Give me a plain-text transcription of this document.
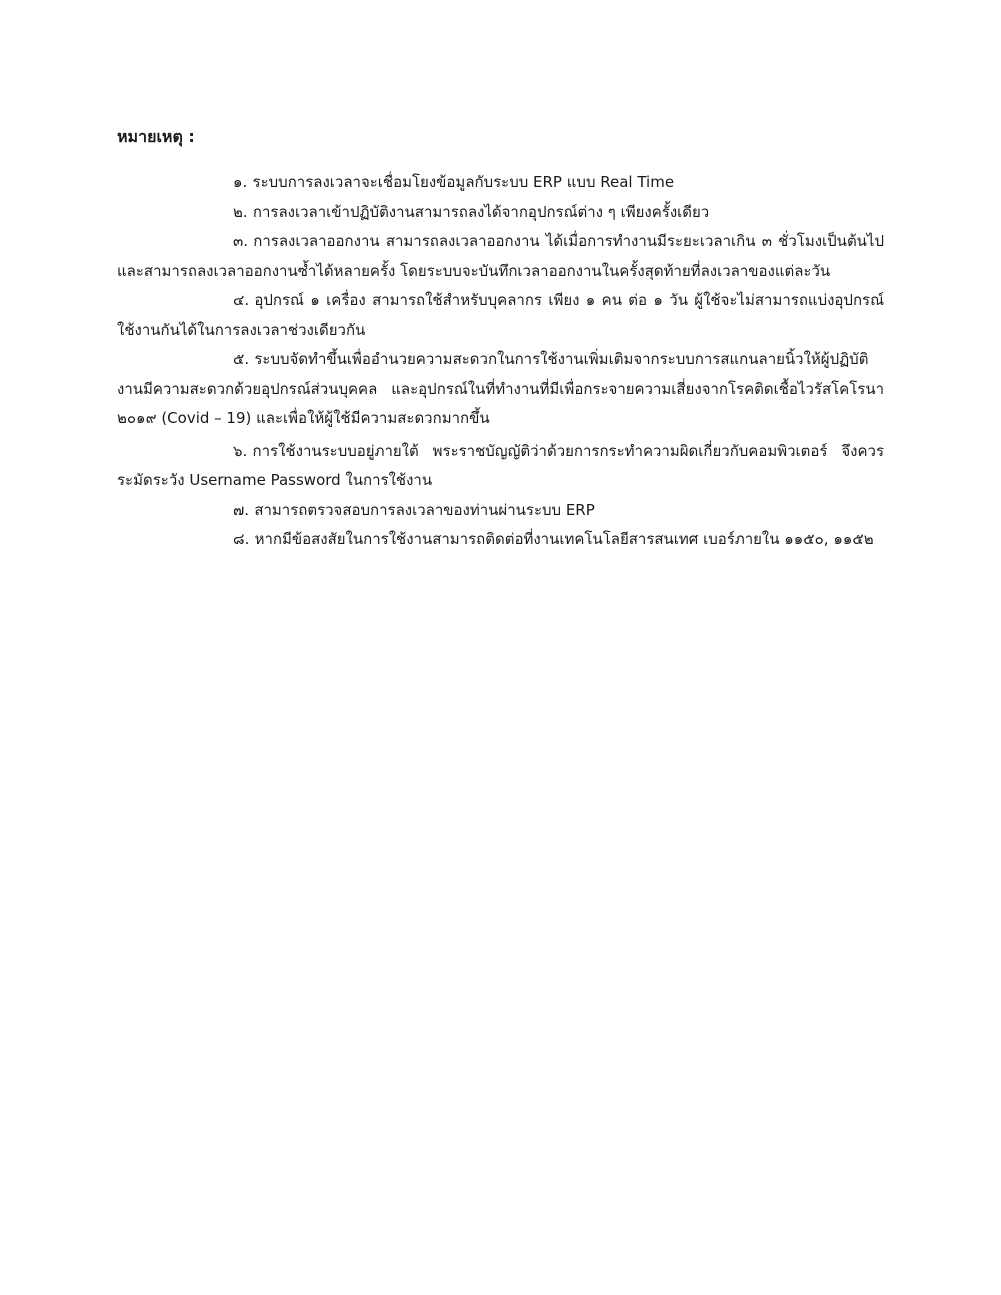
หมายเหตุ :
๑. ระบบการลงเวลาจะเชื่อมโยงข้อมูลกับระบบ ERP แบบ Real Time
๒. การลงเวลาเข้าปฏิบัติงานสามารถลงได้จากอุปกรณ์ต่าง ๆ เพียงครั้งเดียว
๓. การลงเวลาออกงาน สามารถลงเวลาออกงาน ได้เมื่อการทำงานมีระยะเวลาเกิน ๓ ชั่วโมงเป็นต้นไป และสามารถลงเวลาออกงานซ้ำได้หลายครั้ง โดยระบบจะบันทึกเวลาออกงานในครั้งสุดท้ายที่ลงเวลาของแต่ละวัน
๔. อุปกรณ์ ๑ เครื่อง สามารถใช้สำหรับบุคลากร เพียง ๑ คน ต่อ ๑ วัน ผู้ใช้จะไม่สามารถแบ่งอุปกรณ์ใช้งานกันได้ในการลงเวลาช่วงเดียวกัน
๕. ระบบจัดทำขึ้นเพื่ออำนวยความสะดวกในการใช้งานเพิ่มเติมจากระบบการสแกนลายนิ้วให้ผู้ปฏิบัติงานมีความสะดวกด้วยอุปกรณ์ส่วนบุคคล และอุปกรณ์ในที่ทำงานที่มีเพื่อกระจายความเสี่ยงจากโรคติดเชื้อไวรัสโคโรนา ๒๐๑๙ (Covid – 19) และเพื่อให้ผู้ใช้มีความสะดวกมากขึ้น
๖. การใช้งานระบบอยู่ภายใต้ พระราชบัญญัติว่าด้วยการกระทำความผิดเกี่ยวกับคอมพิวเตอร์ จึงควรระมัดระวัง Username Password ในการใช้งาน
๗. สามารถตรวจสอบการลงเวลาของท่านผ่านระบบ ERP
๘. หากมีข้อสงสัยในการใช้งานสามารถติดต่อที่งานเทคโนโลยีสารสนเทศ เบอร์ภายใน ๑๑๕๐, ๑๑๕๒
